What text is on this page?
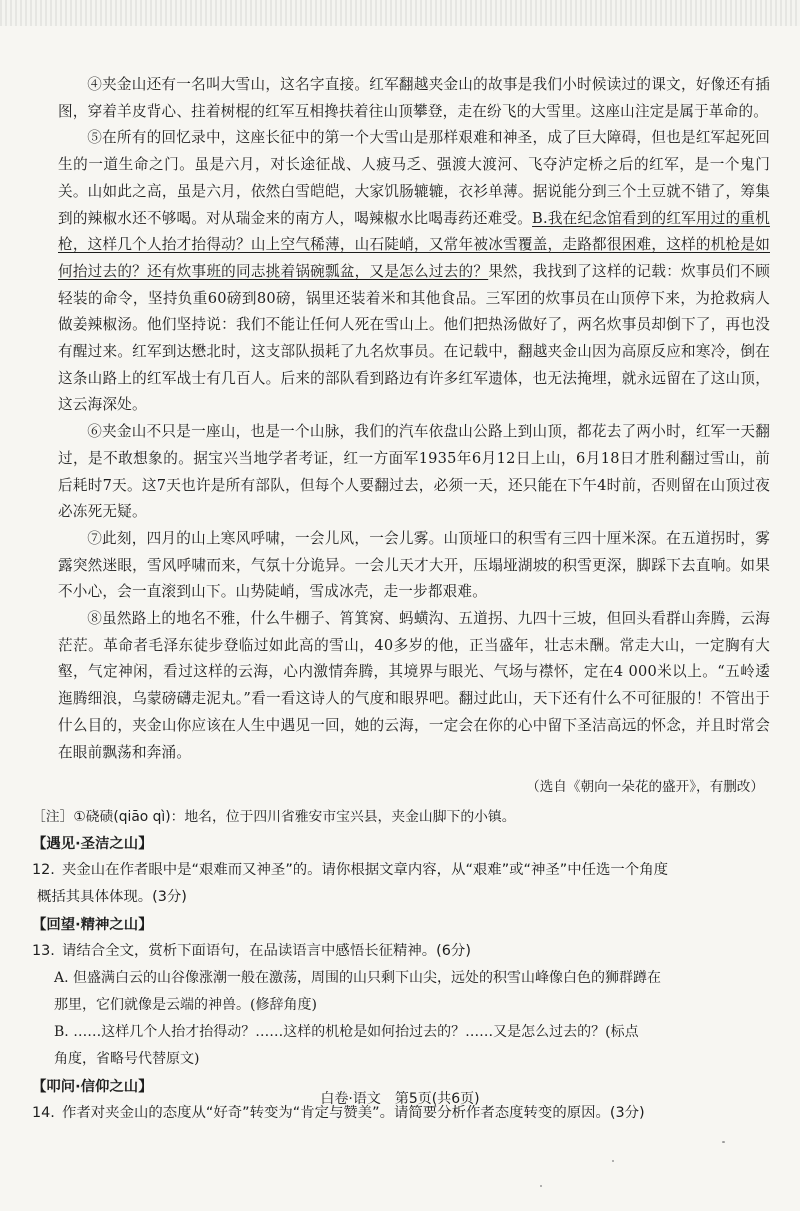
④夹金山还有一名叫大雪山，这名字直接。红军翻越夹金山的故事是我们小时候读过的课文，好像还有插图，穿着羊皮背心、拄着树棍的红军互相搀扶着往山顶攀登，走在纷飞的大雪里。这座山注定是属于革命的。

⑤在所有的回忆录中，这座长征中的第一个大雪山是那样艰难和神圣，成了巨大障碍，但也是红军起死回生的一道生命之门。虽是六月，对长途征战、人疲马乏、强渡大渡河、飞夺泸定桥之后的红军，是一个鬼门关。山如此之高，虽是六月，依然白雪皑皑，大家饥肠辘辘，衣衫单薄。据说能分到三个土豆就不错了，筹集到的辣椒水还不够喝。对从瑞金来的南方人，喝辣椒水比喝毒药还难受。B.我在纪念馆看到的红军用过的重机枪，这样几个人抬才抬得动？山上空气稀薄，山石陡峭，又常年被冰雪覆盖，走路都很困难，这样的机枪是如何抬过去的？还有炊事班的同志挑着锅碗瓢盆，又是怎么过去的？果然，我找到了这样的记载：炊事员们不顾轻装的命令，坚持负重60磅到80磅，锅里还装着米和其他食品。三军团的炊事员在山顶停下来，为抢救病人做姜辣椒汤。他们坚持说：我们不能让任何人死在雪山上。他们把热汤做好了，两名炊事员却倒下了，再也没有醒过来。红军到达懋北时，这支部队损耗了九名炊事员。在记载中，翻越夹金山因为高原反应和寒冷，倒在这条山路上的红军战士有几百人。后来的部队看到路边有许多红军遗体，也无法掩埋，就永远留在了这山顶，这云海深处。

⑥夹金山不只是一座山，也是一个山脉，我们的汽车依盘山公路上到山顶，都花去了两小时，红军一天翻过，是不敢想象的。据宝兴当地学者考证，红一方面军1935年6月12日上山，6月18日才胜利翻过雪山，前后耗时7天。这7天也许是所有部队，但每个人要翻过去，必须一天，还只能在下午4时前，否则留在山顶过夜必冻死无疑。

⑦此刻，四月的山上寒风呼啸，一会儿风，一会儿雾。山顶垭口的积雪有三四十厘米深。在五道拐时，雾露突然迷眼，雪风呼啸而来，气氛十分诡异。一会儿天才大开，压塌垭湖坡的积雪更深，脚踩下去直响。如果不小心，会一直滚到山下。山势陡峭，雪成冰壳，走一步都艰难。

⑧虽然路上的地名不雅，什么牛棚子、筲箕窝、蚂蟥沟、五道拐、九四十三坡，但回头看群山奔腾，云海茫茫。革命者毛泽东徒步登临过如此高的雪山，40多岁的他，正当盛年，壮志未酬。常走大山，一定胸有大壑，气定神闲，看过这样的云海，心内激情奔腾，其境界与眼光、气场与襟怀，定在4 000米以上。“五岭逶迤腾细浪，乌蒙磅礴走泥丸。”看一看这诗人的气度和眼界吧。翻过此山，天下还有什么不可征服的！不管出于什么目的，夹金山你应该在人生中遇见一回，她的云海，一定会在你的心中留下圣洁高远的怀念，并且时常会在眼前飘荡和奔涌。

（选自《朝向一朵花的盛开》，有删改）
［注］①硗碛(qiāo qì)：地名，位于四川省雅安市宝兴县，夹金山脚下的小镇。
【遇见·圣洁之山】
12. 夹金山在作者眼中是“艰难而又神圣”的。请你根据文章内容，从“艰难”或“神圣”中任选一个角度
概括其具体体现。(3分)
【回望·精神之山】
13. 请结合全文，赏析下面语句，在品读语言中感悟长征精神。(6分)
A. 但盛满白云的山谷像涨潮一般在激荡，周围的山只剩下山尖，远处的积雪山峰像白色的狮群蹲在
那里，它们就像是云端的神兽。(修辞角度)
B. ……这样几个人抬才抬得动？……这样的机枪是如何抬过去的？……又是怎么过去的？(标点
角度，省略号代替原文)
【叩问·信仰之山】
14. 作者对夹金山的态度从“好奇”转变为“肯定与赞美”。请简要分析作者态度转变的原因。(3分)
白卷·语文　第5页(共6页)
